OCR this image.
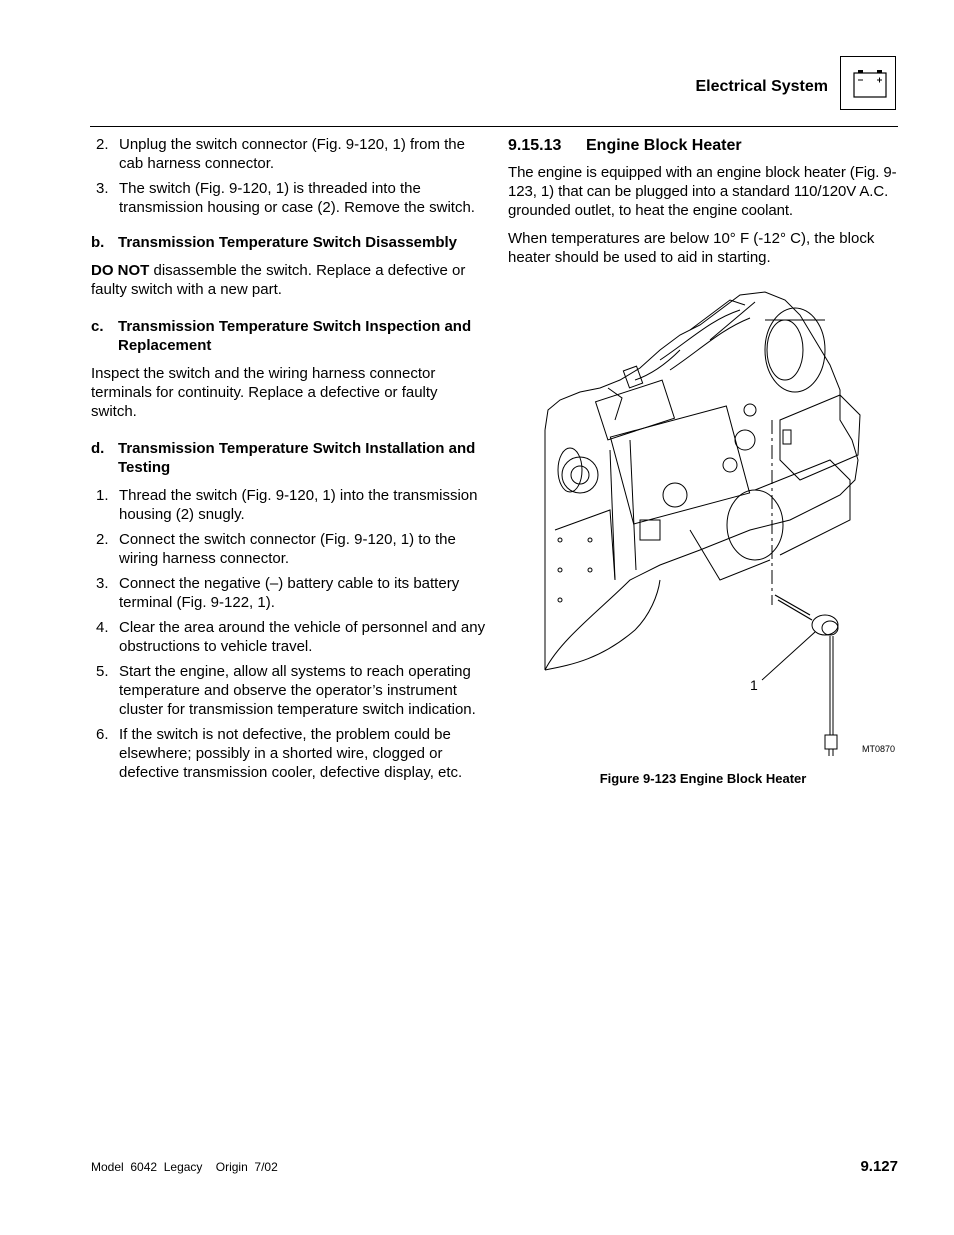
Electrical System
2. Unplug the switch connector (Fig. 9-120, 1) from the cab harness connector.
3. The switch (Fig. 9-120, 1) is threaded into the transmission housing or case (2). Remove the switch.
b. Transmission Temperature Switch Disassembly

DO NOT disassemble the switch. Replace a defective or faulty switch with a new part.

c. Transmission Temperature Switch Inspection and Replacement

Inspect the switch and the wiring harness connector terminals for continuity. Replace a defective or faulty switch.

d. Transmission Temperature Switch Installation and Testing
1. Thread the switch (Fig. 9-120, 1) into the transmission housing (2) snugly.
2. Connect the switch connector (Fig. 9-120, 1) to the wiring harness connector.
3. Connect the negative (–) battery cable to its battery terminal (Fig. 9-122, 1).
4. Clear the area around the vehicle of personnel and any obstructions to vehicle travel.
5. Start the engine, allow all systems to reach operating temperature and observe the operator’s instrument cluster for transmission temperature switch indication.
6. If the switch is not defective, the problem could be elsewhere; possibly in a shorted wire, clogged or defective transmission cooler, defective display, etc.
9.15.13	Engine Block Heater

The engine is equipped with an engine block heater (Fig. 9-123, 1) that can be plugged into a standard 110/120V A.C. grounded outlet, to heat the engine coolant.

When temperatures are below 10° F (-12° C), the block heater should be used to aid in starting.

1
MT0870
Figure 9-123 Engine Block Heater
Model  6042  Legacy    Origin  7/02	9.127
